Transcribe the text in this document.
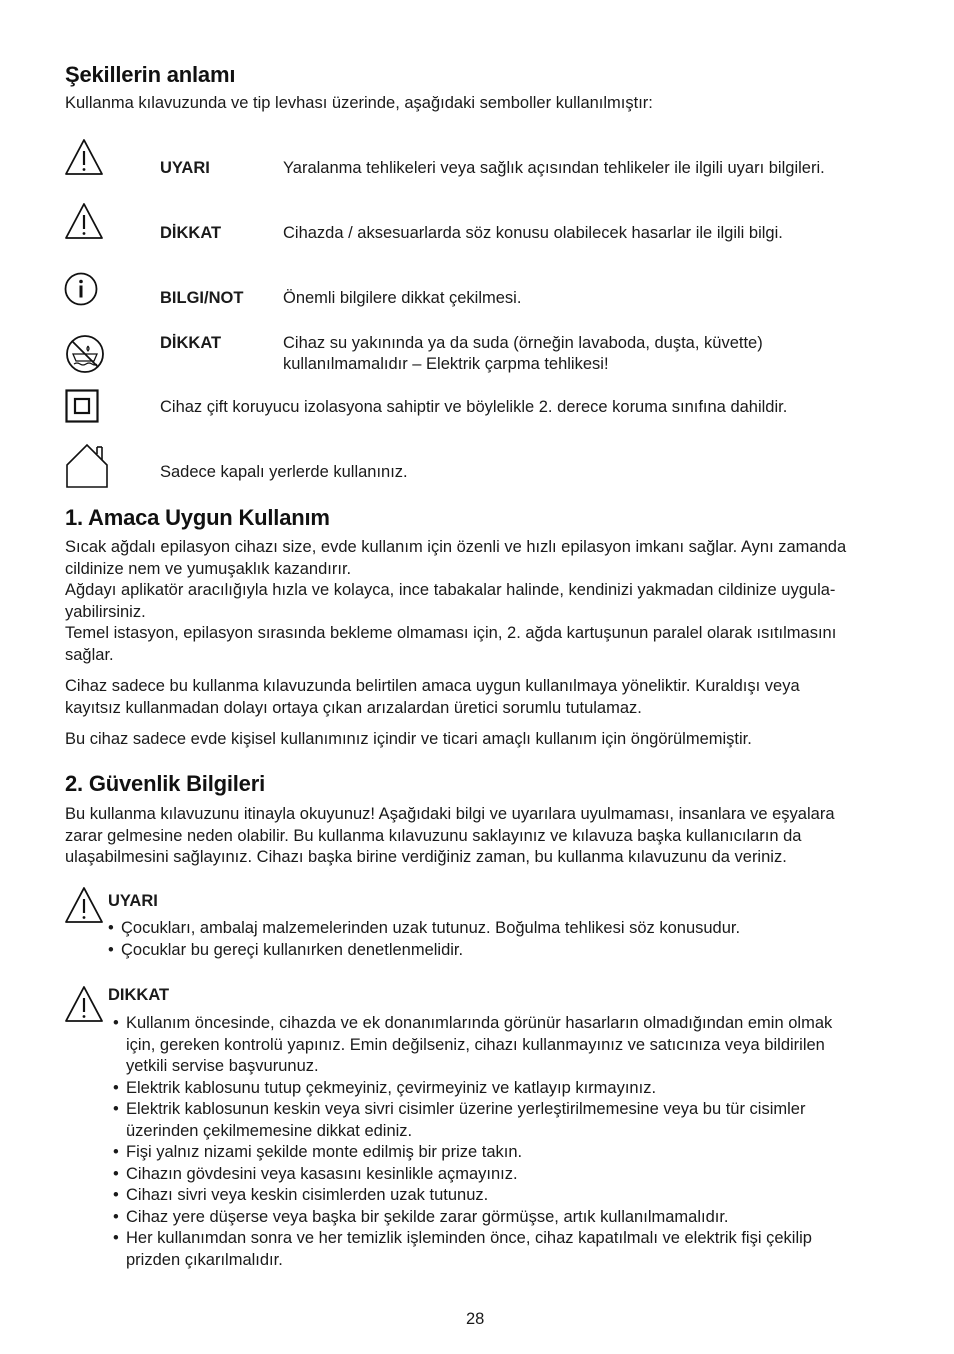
Şekillerin anlamı

Kullanma kılavuzunda ve tip levhası üzerinde, aşağıdaki semboller kullanılmıştır:

UYARI	Yaralanma tehlikeleri veya sağlık açısından tehlikeler ile ilgili uyarı bilgileri.
DİKKAT	Cihazda / aksesuarlarda söz konusu olabilecek hasarlar ile ilgili bilgi.
BILGI/NOT Önemli bilgilere dikkat çekilmesi.
DİKKAT	Cihaz su yakınında ya da suda (örneğin lavaboda, duşta, küvette)
kullanılmamalıdır – Elektrik çarpma tehlikesi!
Cihaz çift koruyucu izolasyona sahiptir ve böylelikle 2. derece koruma sınıfına dahildir.
Sadece kapalı yerlerde kullanınız.
1. Amaca Uygun Kullanım
Sıcak ağdalı epilasyon cihazı size, evde kullanım için özenli ve hızlı epilasyon imkanı sağlar. Aynı zamanda
cildinize nem ve yumuşaklık kazandırır.
Ağdayı aplikatör aracılığıyla hızla ve kolayca, ince tabakalar halinde, kendinizi yakmadan cildinize uygula-
yabilirsiniz.
Temel istasyon, epilasyon sırasında bekleme olmaması için, 2. ağda kartuşunun paralel olarak ısıtılmasını
sağlar.
Cihaz sadece bu kullanma kılavuzunda belirtilen amaca uygun kullanılmaya yöneliktir. Kuraldışı veya
kayıtsız kullanmadan dolayı ortaya çıkan arızalardan üretici sorumlu tutulamaz.

Bu cihaz sadece evde kişisel kullanımınız içindir ve ticari amaçlı kullanım için öngörülmemiştir.

2. Güvenlik Bilgileri
Bu kullanma kılavuzunu itinayla okuyunuz! Aşağıdaki bilgi ve uyarılara uyulmaması, insanlara ve eşyalara
zarar gelmesine neden olabilir. Bu kullanma kılavuzunu saklayınız ve kılavuza başka kullanıcıların da
ulaşabilmesini sağlayınız. Cihazı başka birine verdiğiniz zaman, bu kullanma kılavuzunu da veriniz.
UYARI
• Çocukları, ambalaj malzemelerinden uzak tutunuz. Boğulma tehlikesi söz konusudur.
• Çocuklar bu gereçi kullanırken denetlenmelidir.
DIKKAT
• Kullanım öncesinde, cihazda ve ek donanımlarında görünür hasarların olmadığından emin olmak
için, gereken kontrolü yapınız. Emin değilseniz, cihazı kullanmayınız ve satıcınıza veya bildirilen
yetkili servise başvurunuz.
• Elektrik kablosunu tutup çekmeyiniz, çevirmeyiniz ve katlayıp kırmayınız.
• Elektrik kablosunun keskin veya sivri cisimler üzerine yerleştirilmemesine veya bu tür cisimler
üzerinden çekilmemesine dikkat ediniz.
• Fişi yalnız nizami şekilde monte edilmiş bir prize takın.
• Cihazın gövdesini veya kasasını kesinlikle açmayınız.
• Cihazı sivri veya keskin cisimlerden uzak tutunuz.
• Cihaz yere düşerse veya başka bir şekilde zarar görmüşse, artık kullanılmamalıdır.
• Her kullanımdan sonra ve her temizlik işleminden önce, cihaz kapatılmalı ve elektrik fişi çekilip
prizden çıkarılmalıdır.
28
